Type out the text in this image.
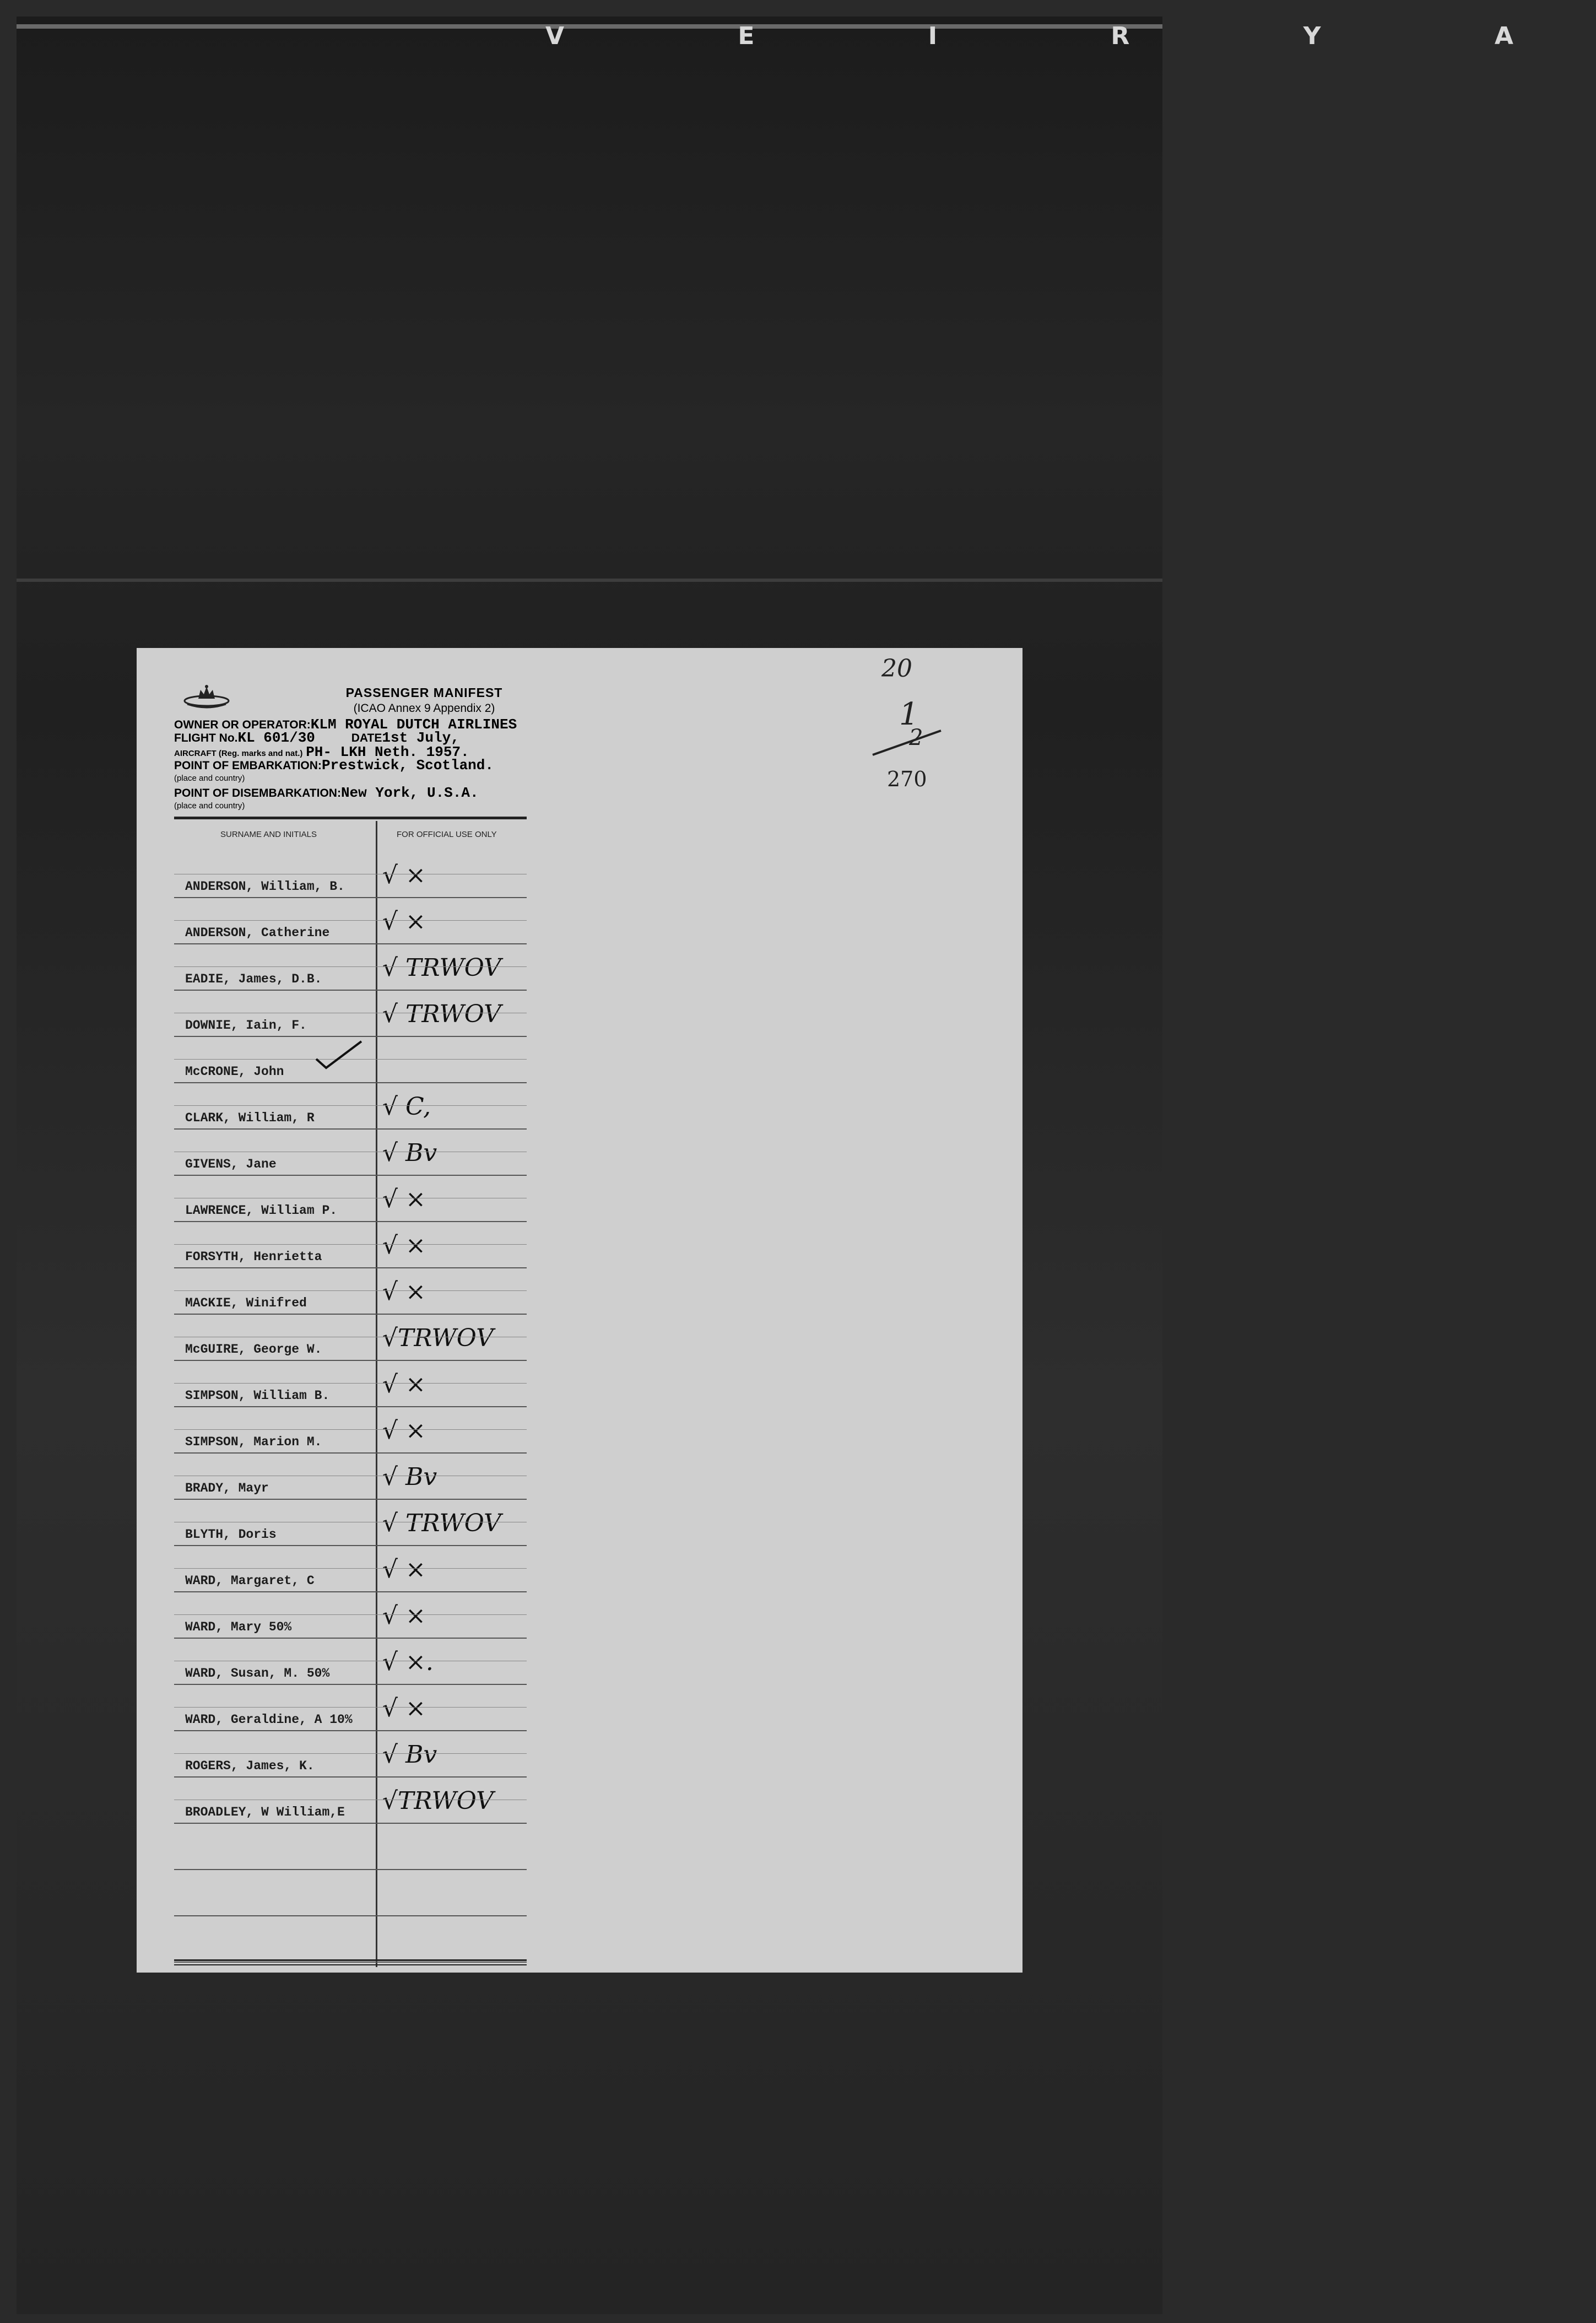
V E I R Y A
PASSENGER MANIFEST
(ICAO Annex 9 Appendix 2)
OWNER OR OPERATOR:KLM ROYAL DUTCH AIRLINES
FLIGHT No.KL 601/30	DATE1st July,
AIRCRAFT (Reg. marks and nat.) PH- LKH Neth. 1957.
POINT OF EMBARKATION:Prestwick, Scotland.
(place and country)
POINT OF DISEMBARKATION:New York, U.S.A.
(place and country)
SURNAME AND INITIALS	FOR OFFICIAL USE ONLY
ANDERSON, William, B. √ ×
ANDERSON, Catherine √ ×
EADIE, James, D.B. √ TRWOV
DOWNIE, Iain, F.	√ TRWOV
McCRONE, John
CLARK, William, R	√ C,
GIVENS, Jane	√ Bv
LAWRENCE, William P. √ ×
FORSYTH, Henrietta √ ×
MACKIE, Winifred	√ ×
McGUIRE, George W. √TRWOV
SIMPSON, William B. √ ×
SIMPSON, Marion M. √ ×
BRADY, Mayr	√ Bv
BLYTH, Doris	√ TRWOV
WARD, Margaret, C	√ ×
WARD, Mary 50%	√ ×
WARD, Susan, M. 50% √ ×.
WARD, Geraldine, A 10% √ ×
ROGERS, James, K.	√ Bv
BROADLEY, W William,E √TRWOV
20
1
2
270
